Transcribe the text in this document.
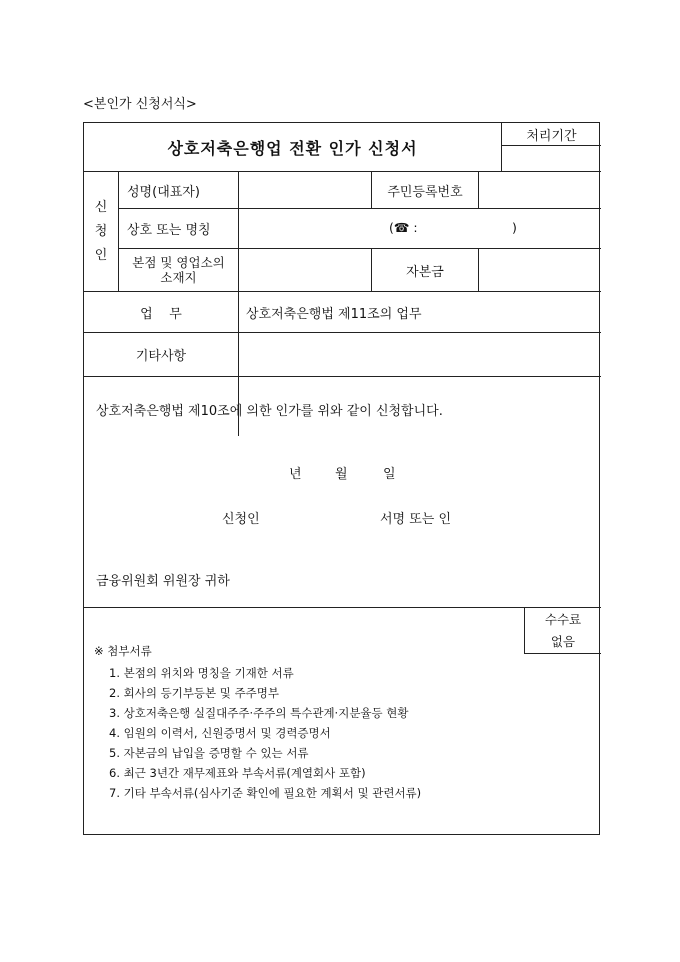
<본인가 신청서식>
상호저축은행업 전환 인가 신청서
처리기간
신
청
인
성명(대표자)	주민등록번호
상호 또는 명칭	(☎ :	)
본점 및 영업소의 소재지	자본금
업    무	상호저축은행법 제11조의 업무
기타사항
상호저축은행법 제10조에 의한 인가를 위와 같이 신청합니다.
년	월	일
신청인	서명 또는 인
금융위원회 위원장 귀하
수수료
없음
※ 첨부서류
1. 본점의 위치와 명칭을 기재한 서류
2. 회사의 등기부등본 및 주주명부
3. 상호저축은행 실질대주주·주주의 특수관계·지분율등 현황
4. 임원의 이력서, 신원증명서 및 경력증명서
5. 자본금의 납입을 증명할 수 있는 서류
6. 최근 3년간 재무제표와 부속서류(계열회사 포함)
7. 기타 부속서류(심사기준 확인에 필요한 계획서 및 관련서류)
